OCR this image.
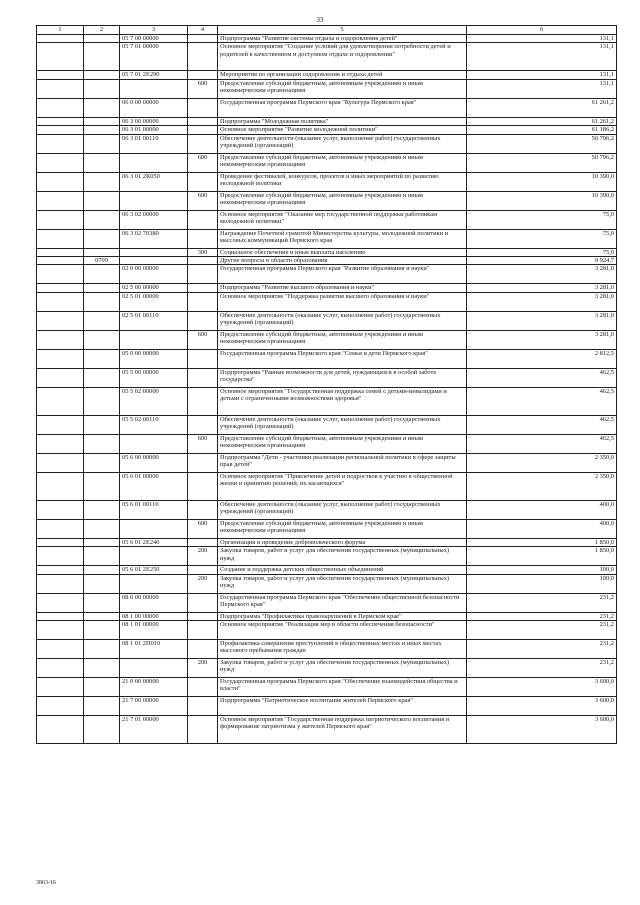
33
1	2	3	4	5	6
		05 7 00 00000		Подпрограмма "Развитие системы отдыха и оздоровления детей"	131,1
		05 7 01 00000		Основное мероприятие "Создание условий для удовлетворения потребности детей и родителей в качественном и доступном отдыхе и оздоровлении"	131,1
		05 7 01 2Е290		Мероприятия по организации оздоровления и отдыха детей	131,1
			600	Предоставление субсидий бюджетным, автономным учреждениям и иным некоммерческим организациям	131,1
		06 0 00 00000		Государственная программа Пермского края "Культура Пермского края"	61 261,2
		06 3 00 00000		Подпрограмма "Молодежная политика"	61 261,2
		06 3 01 00000		Основное мероприятие "Развитие молодежной политики"	61 186,2
		06 3 01 00110		Обеспечение деятельности (оказание услуг, выполнение работ) государственных учреждений (организаций)	50 796,2
			600	Предоставление субсидий бюджетным, автономным учреждениям и иным некоммерческим организациям	50 796,2
		06 3 01 2К050		Проведение фестивалей, конкурсов, проектов и иных мероприятий по развитию молодежной политики	10 390,0
			600	Предоставление субсидий бюджетным, автономным учреждениям и иным некоммерческим организациям	10 390,0
		06 3 02 00000		Основное мероприятие "Оказание мер государственной поддержки работникам молодежной политики"	75,0
		06 3 02 70380		Награждение Почетной грамотой Министерства культуры, молодежной политики и массовых коммуникаций Пермского края	75,0
			300	Социальное обеспечение и иные выплаты населению	75,0
	0709			Другие вопросы в области образования	9 924,7
		02 0 00 00000		Государственная программа Пермского края "Развитие образования и науки"	3 281,0
		02 5 00 00000		Подпрограмма "Развитие высшего образования и науки"	3 281,0
		02 5 01 00000		Основное мероприятие "Поддержка развития высшего образования и науки"	3 281,0
		02 5 01 00110		Обеспечение деятельности (оказание услуг, выполнение работ) государственных учреждений (организаций)	3 281,0
			600	Предоставление субсидий бюджетным, автономным учреждениям и иным некоммерческим организациям	3 281,0
		05 0 00 00000		Государственная программа Пермского края "Семья и дети Пермского края"	2 812,5
		05 5 00 00000		Подпрограмма "Равные возможности для детей, нуждающихся в особой заботе государства"	462,5
		05 5 02 00000		Основное мероприятие "Государственная поддержка семей с детьми-инвалидами и детьми с ограниченными возможностями здоровья"	462,5
		05 5 02 00110		Обеспечение деятельности (оказание услуг, выполнение работ) государственных учреждений (организаций)	462,5
			600	Предоставление субсидий бюджетным, автономным учреждениям и иным некоммерческим организациям	462,5
		05 6 00 00000		Подпрограмма "Дети - участники реализации региональной политики в сфере защиты прав детей"	2 350,0
		05 6 01 00000		Основное мероприятие "Привлечение детей и подростков к участию в общественной жизни и принятию решений, их касающихся"	2 350,0
		05 6 01 00110		Обеспечение деятельности (оказание услуг, выполнение работ) государственных учреждений (организаций)	400,0
			600	Предоставление субсидий бюджетным, автономным учреждениям и иным некоммерческим организациям	400,0
		05 6 01 2Е240		Организация и проведение добровольческого форума	1 850,0
			200	Закупка товаров, работ и услуг для обеспечения государственных (муниципальных) нужд	1 850,0
		05 6 01 2Е250		Создание и поддержка детских общественных объединений	100,0
			200	Закупка товаров, работ и услуг для обеспечения государственных (муниципальных) нужд	100,0
		08 0 00 00000		Государственная программа Пермского края "Обеспечение общественной безопасности Пермского края"	231,2
		08 1 00 00000		Подпрограмма "Профилактика правонарушений в Пермском крае"	231,2
		08 1 01 00000		Основное мероприятие "Реализация мер в области обеспечения безопасности"	231,2
		08 1 01 2П010		Профилактика совершения преступлений в общественных местах и иных местах массового пребывания граждан	231,2
			200	Закупка товаров, работ и услуг для обеспечения государственных (муниципальных) нужд	231,2
		21 0 00 00000		Государственная программа Пермского края "Обеспечение взаимодействия общества и власти"	3 600,0
		21 7 00 00000		Подпрограмма "Патриотическое воспитание жителей Пермского края"	3 600,0
		21 7 01 00000		Основное мероприятие "Государственная поддержка патриотического воспитания и формирование патриотизма у жителей Пермского края"	3 600,0
3863-16
